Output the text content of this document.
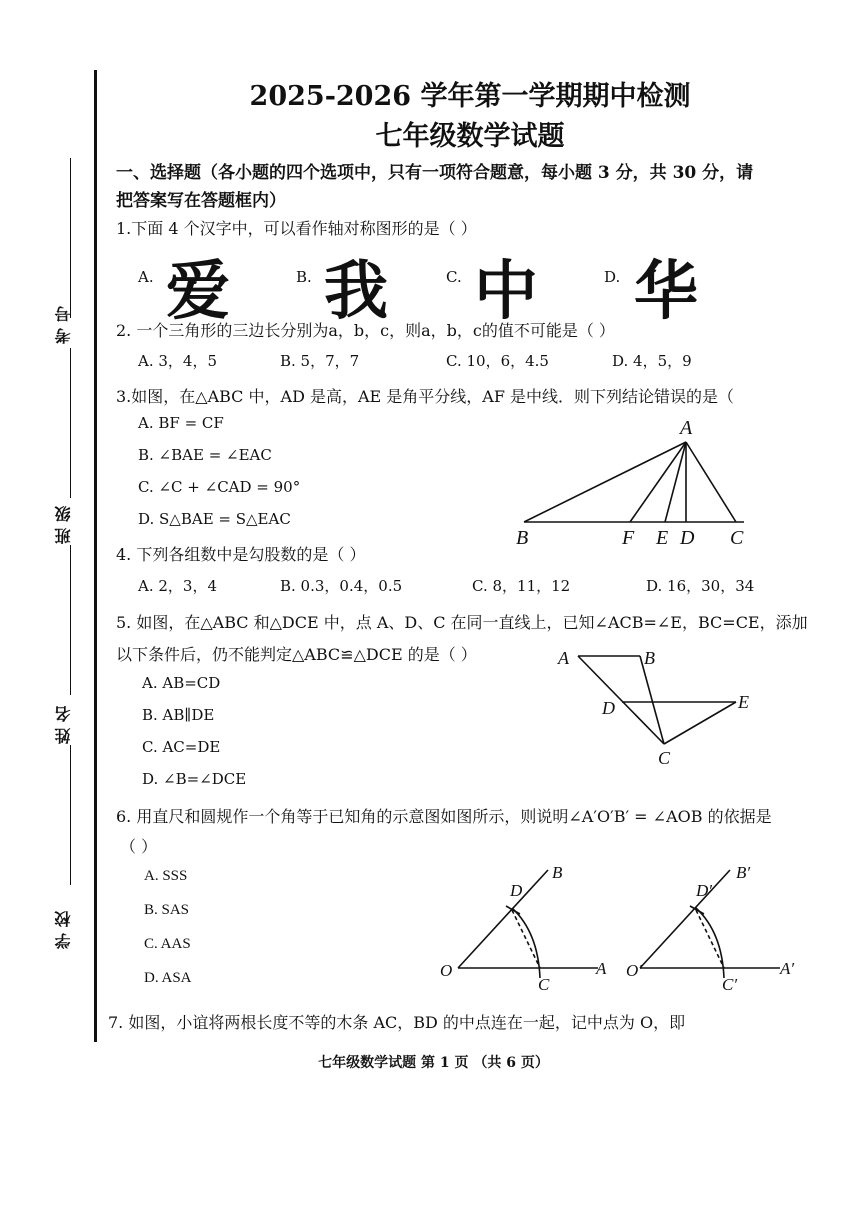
考号
班级
姓名
学校
2025-2026 学年第一学期期中检测
七年级数学试题
一、选择题（各小题的四个选项中，只有一项符合题意，每小题 3 分，共 30 分，请
把答案写在答题框内）
1.下面 4 个汉字中，可以看作轴对称图形的是（ ）
A. 爱	B. 我	C. 中	D. 华
2. 一个三角形的三边长分别为a，b，c，则a，b，c的值不可能是（ ）
A. 3，4，5	B. 5，7，7	C. 10，6，4.5	D. 4，5，9
3.如图，在△ABC 中，AD 是高，AE 是角平分线，AF 是中线．则下列结论错误的是（
A. BF = CF
B. ∠BAE = ∠EAC
C. ∠C + ∠CAD = 90°
D. S△BAE = S△EAC
A
B	F E D C
4. 下列各组数中是勾股数的是（ ）
A. 2，3，4	B. 0.3，0.4，0.5	C. 8，11，12	D. 16，30，34
5. 如图，在△ABC 和△DCE 中，点 A、D、C 在同一直线上，已知∠ACB=∠E，BC=CE，添加
以下条件后，仍不能判定△ABC≌△DCE 的是（ ）
A. AB=CD
B. AB∥DE
C. AC=DE
D. ∠B=∠DCE
A	B
D	E
C
6. 用直尺和圆规作一个角等于已知角的示意图如图所示，则说明∠A′O′B′ = ∠AOB 的依据是
（ ）
A. SSS
B. SAS
C. AAS
D. ASA
B
D
O
C
A
B′
D′
O′
C′
A′
7. 如图，小谊将两根长度不等的木条 AC，BD 的中点连在一起，记中点为 O，即
七年级数学试题 第 1 页 （共 6 页）
